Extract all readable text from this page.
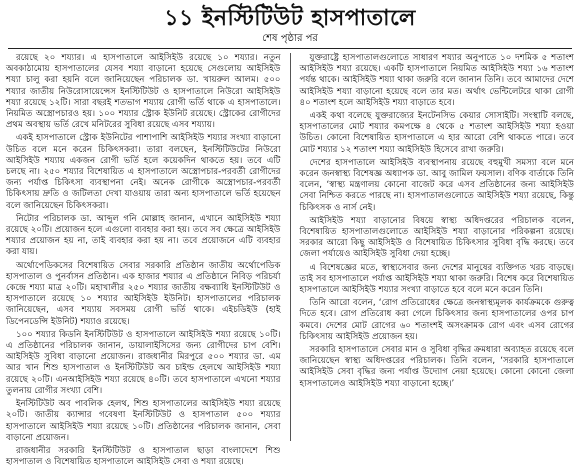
১১ ইনস্টিটিউট হাসপাতালে
শেষ পৃষ্ঠার পর

রয়েছে ২০ শয্যার। এ হাসপাতালে আইসিইউ রয়েছে ১০ শয্যার। নতুন অবকাঠামোয় হাসপাতালের যেসব শয্যা বাড়ানো হয়েছে সেগুলোয় আইসিইউ শয্যা চালু করা হয়নি বলে জানিয়েছেন পরিচালক ডা. খায়রুল আলম। ৫০০ শয্যার জাতীয় নিউরোসায়েন্সেস ইনস্টিটিউট ও হাসপাতালে নিউরো আইসিইউ শয্যা রয়েছে ১২টি। সারা বছরই শতভাগ শয্যায় রোগী ভর্তি থাকে এ হাসপাতালে। নিয়মিত অস্ত্রোপচারও হয়। ১০০ শয্যার স্ট্রোক ইউনিট রয়েছে। স্ট্রোকের রোগীদের প্রথম অবস্থায় ভর্তি রেখে মনিটরের সুবিধা রয়েছে এসব শয্যায়।

একই হাসপাতালে স্ট্রোক ইউনিটের পাশাপাশি আইসিইউ শয্যার সংখ্যা বাড়ানো উচিত বলে মনে করেন চিকিৎসকরা। তারা বলছেন, ইনস্টিটিউটের নিউরো আইসিইউ শয্যায় একজন রোগী ভর্তি হলে কয়েকদিন থাকতে হয়। তবে এটি চলছে না। ২৫০ শয্যার বিশেষায়িত এ হাসপাতালে অস্ত্রোপচার-পরবর্তী রোগীদের জন্য পর্যাপ্ত চিকিৎসা ব্যবস্থাপনা নেই। অনেক রোগীকে অস্ত্রোপচার-পরবর্তী চিকিৎসায় দ্রুতি ও জটিলতা দেখা যাওয়ায় তারা অন্য হাসপাতালে ভর্তি হয়েছেন বলে জানিয়েছেন চিকিৎসকরা।

নিটোর পরিচালক ডা. আব্দুল গনি মোল্লাহ জানান, এখানে আইসিইউ শয্যা রয়েছে ২০টি। প্রয়োজন হলে এগুলো ব্যবহার করা হয়। তবে সব ক্ষেত্রে আইসিইউ শয্যার প্রয়োজন হয় না, তাই ব্যবহার করা হয় না। তবে প্রয়োজনে এটি ব্যবহার করা যায়।

অর্থোপেডিকসের বিশেষায়িত সেবার সরকারি প্রতিষ্ঠান জাতীয় অর্থোপেডিক হাসপাতাল ও পুনর্বাসন প্রতিষ্ঠান। এক হাজার শয্যার এ প্রতিষ্ঠানে নিবিড় পরিচর্যা কেন্দ্রে শয্যা মাত্র ২০টি। মহাখালীর ২৫০ শয্যার জাতীয় বক্ষব্যাধি ইনস্টিটিউট ও হাসপাতালে রয়েছে ১০ শয্যার আইসিইউ ইউনিট। হাসপাতালের পরিচালক জানিয়েছেন, এসব শয্যায় সবসময় রোগী ভর্তি থাকে। এইচডিইউ (হাই ডিপেনডেন্সি ইউনিট) শয্যাও রয়েছে।

১০০ শয্যার কিডনি ইনস্টিটিউট ও হাসপাতালে আইসিইউ শয্যা রয়েছে ১০টি। এ প্রতিষ্ঠানের পরিচালক জানান, ডায়ালাইসিসের জন্য রোগীদের চাপ বেশি। আইসিইউ সুবিধা বাড়ানো প্রয়োজন। রাজধানীর মিরপুরে ৫০০ শয্যার ডা. এম আর খান শিশু হাসপাতাল ও ইনস্টিটিউট অব চাইল্ড হেলথে আইসিইউ শয্যা রয়েছে ২০টি। এনআইসিইউ শয্যা রয়েছে ৪০টি। তবে হাসপাতালে এখনো শয্যার তুলনায় রোগীর সংখ্যা বেশি।

ইনস্টিটিউট অব পাবলিক হেলথ, শিশু হাসপাতালের আইসিইউ শয্যা রয়েছে ২০টি। জাতীয় ক্যান্সার গবেষণা ইনস্টিটিউট ও হাসপাতাল ৫০০ শয্যার হাসপাতালে আইসিইউ শয্যা রয়েছে ১০টি। প্রতিষ্ঠানের পরিচালক জানান, সেবা বাড়ানো প্রয়োজন।

রাজধানীর সরকারি ইনস্টিটিউট ও হাসপাতাল ছাড়া বাংলাদেশে শিশু হাসপাতাল ও বিশেষায়িত হাসপাতালে আইসিইউ সেবা ও শয্যা রয়েছে।

যুক্তরাষ্ট্রে হাসপাতালগুলোতে সাধারণ শয্যার অনুপাতে ১০ দশমিক ৫ শতাংশ আইসিইউ শয্যা রয়েছে। একটি হাসপাতালে নিয়মিত আইসিইউ শয্যা ১৬ শতাংশ পর্যন্ত থাকে। আইসিইউ শয্যা থাকা জরুরি বলে জানান তিনি। তবে আমাদের দেশে আইসিইউ শয্যা বাড়ানো হয়েছে বলে তার মত। অর্থাৎ ভেন্টিলেটরে থাকা রোগী ৪০ শতাংশ হলে আইসিইউ শয্যা বাড়াতে হবে।

একই কথা বলেছে যুক্তরাজ্যের ইনটেনসিভ কেয়ার সোসাইটি। সংস্থাটি বলছে, হাসপাতালের মোট শয্যার কমপক্ষে ৪ থেকে ৫ শতাংশ আইসিইউ শয্যা হওয়া উচিত। কোনো বিশেষায়িত হাসপাতালে এ হার আরো বেশি থাকতে পারে। তবে মোট শয্যার ১২ শতাংশ শয্যা আইসিইউ হিসেবে রাখা জরুরি।

দেশের হাসপাতালে আইসিইউ ব্যবস্থাপনায় রয়েছে বহুমুখী সমস্যা বলে মনে করেন জনস্বাস্থ্য বিশেষজ্ঞ অধ্যাপক ডা. আবু জামিল ফয়সাল। বণিক বার্তাকে তিনি বলেন, ‘স্বাস্থ্য মন্ত্রণালয় কোনো বাজেট করে এসব প্রতিষ্ঠানের জন্য আইসিইউ সেবা নিশ্চিত করতে পারছে না। হাসপাতালগুলোতে আইসিইউ শয্যা রয়েছে, কিন্তু চিকিৎসক ও নার্স নেই।

আইসিইউ শয্যা বাড়ানোর বিষয়ে স্বাস্থ্য অধিদপ্তরের পরিচালক বলেন, বিশেষায়িত হাসপাতালগুলোতে আইসিইউ শয্যা বাড়ানোর পরিকল্পনা রয়েছে। সরকার আরো কিছু আইসিইউ ও বিশেষায়িত চিকিৎসার সুবিধা বৃদ্ধি করছে। তবে জেলা পর্যায়েও আইসিইউ সুবিধা দেয়া হচ্ছে।

এ বিশেষজ্ঞের মতে, স্বাস্থ্যসেবার জন্য দেশের মানুষের ব্যক্তিগত খরচ বাড়ছে। তাই সব হাসপাতালে পর্যাপ্ত আইসিইউ শয্যা থাকা জরুরি। বিশেষ করে বিশেষায়িত হাসপাতালে আইসিইউ শয্যার সংখ্যা বাড়াতে হবে বলে মনে করেন তিনি।

তিনি আরো বলেন, ‘রোগ প্রতিরোধের ক্ষেত্রে জনস্বাস্থ্যমূলক কার্যক্রমকে গুরুত্ব দিতে হবে। রোগ প্রতিরোধ করা গেলে চিকিৎসার জন্য হাসপাতালের ওপর চাপ কমবে। দেশের মোট রোগের ৬০ শতাংশই অসংক্রামক রোগ এবং এসব রোগের চিকিৎসায় আইসিইউ প্রয়োজন হয়।

সরকারি হাসপাতালে সেবার মান ও সুবিধা বৃদ্ধির ক্রমধারা অব্যাহত রয়েছে বলে জানিয়েছেন স্বাস্থ্য অধিদপ্তরের পরিচালক। তিনি বলেন, ‘সরকারি হাসপাতালে আইসিইউ সেবা বৃদ্ধির জন্য পর্যাপ্ত উদ্যোগ নেয়া হয়েছে। কোনো কোনো জেলা হাসপাতালেও আইসিইউ শয্যা বাড়ানো হচ্ছে।’
